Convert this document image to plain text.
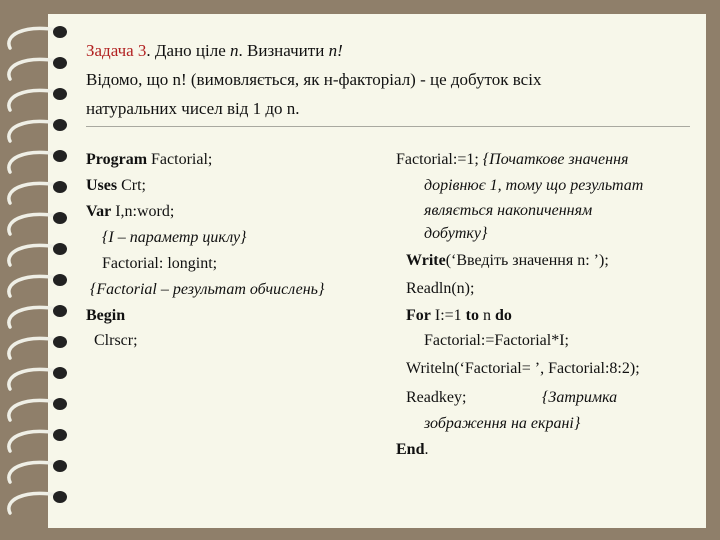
Задача 3. Дано ціле n. Визначити n!
Відомо, що n! (вимовляється, як н-факторіал) - це добуток всіх
натуральних чисел від 1 до n.
Program Factorial;
Uses Crt;
Var I,n:word;
{I – параметр циклу}
Factorial: longint;
{Factorial – результат обчислень}
Begin
Clrscr;
Factorial:=1; {Початкове значення
дорівнює 1, тому що результат
являється накопиченням
добутку}
Write(‘Введіть значення n: ’);
Readln(n);
For I:=1 to n do
Factorial:=Factorial*I;
Writeln(‘Factorial= ’, Factorial:8:2);
Readkey;	{Затримка
зображення на екрані}
End.
